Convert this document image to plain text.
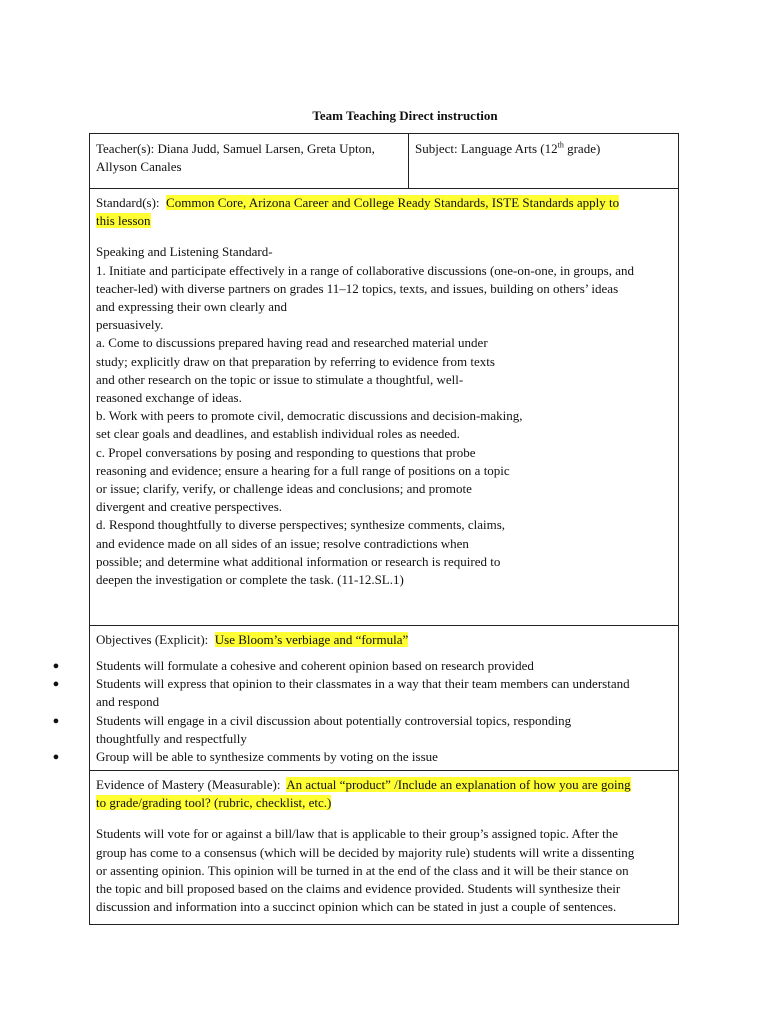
Team Teaching Direct instruction
Teacher(s): Diana Judd, Samuel Larsen, Greta Upton,
Allyson Canales
Subject: Language Arts (12th grade)
Standard(s): Common Core, Arizona Career and College Ready Standards, ISTE Standards apply to
this lesson
Speaking and Listening Standard-
1. Initiate and participate effectively in a range of collaborative discussions (one-on-one, in groups, and
teacher-led) with diverse partners on grades 11–12 topics, texts, and issues, building on others’ ideas
and expressing their own clearly and
persuasively.
a. Come to discussions prepared having read and researched material under
study; explicitly draw on that preparation by referring to evidence from texts
and other research on the topic or issue to stimulate a thoughtful, well-
reasoned exchange of ideas.
b. Work with peers to promote civil, democratic discussions and decision-making,
set clear goals and deadlines, and establish individual roles as needed.
c. Propel conversations by posing and responding to questions that probe
reasoning and evidence; ensure a hearing for a full range of positions on a topic
or issue; clarify, verify, or challenge ideas and conclusions; and promote
divergent and creative perspectives.
d. Respond thoughtfully to diverse perspectives; synthesize comments, claims,
and evidence made on all sides of an issue; resolve contradictions when
possible; and determine what additional information or research is required to
deepen the investigation or complete the task. (11-12.SL.1)
Objectives (Explicit): Use Bloom’s verbiage and “formula”
●	Students will formulate a cohesive and coherent opinion based on research provided
●	Students will express that opinion to their classmates in a way that their team members can understand
and respond
●	Students will engage in a civil discussion about potentially controversial topics, responding
thoughtfully and respectfully
●	Group will be able to synthesize comments by voting on the issue
Evidence of Mastery (Measurable): An actual “product” /Include an explanation of how you are going
to grade/grading tool? (rubric, checklist, etc.)
Students will vote for or against a bill/law that is applicable to their group’s assigned topic. After the
group has come to a consensus (which will be decided by majority rule) students will write a dissenting
or assenting opinion. This opinion will be turned in at the end of the class and it will be their stance on
the topic and bill proposed based on the claims and evidence provided. Students will synthesize their
discussion and information into a succinct opinion which can be stated in just a couple of sentences.
